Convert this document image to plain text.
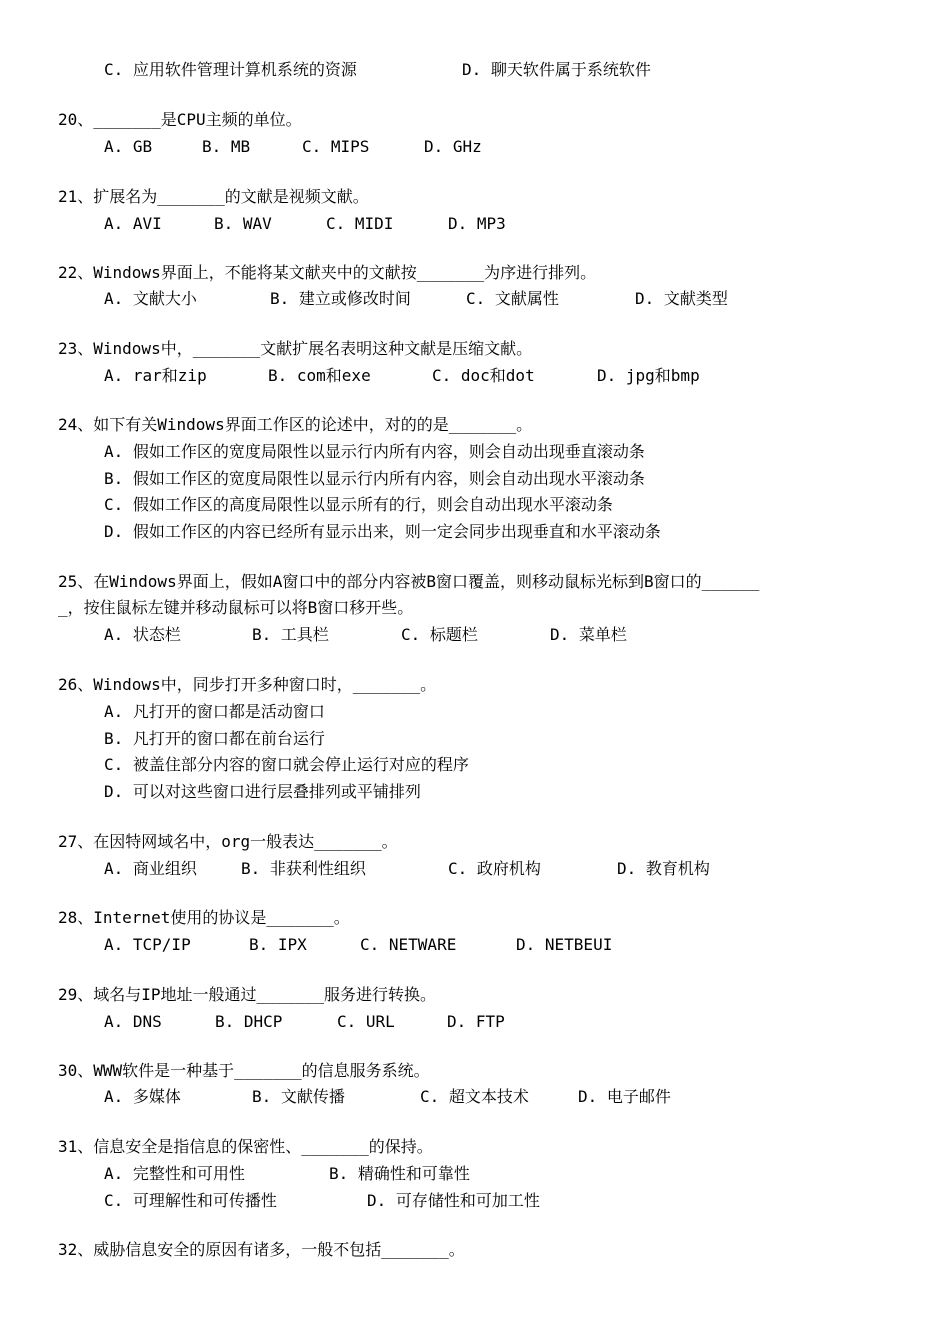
C. 应用软件管理计算机系统的资源	D. 聊天软件属于系统软件
20、_______是CPU主频的单位。
A. GB	B. MB	C. MIPS	D. GHz
21、扩展名为_______的文献是视频文献。
A. AVI	B. WAV	C. MIDI	D. MP3
22、Windows界面上，不能将某文献夹中的文献按_______为序进行排列。
A. 文献大小	B. 建立或修改时间	C. 文献属性	D. 文献类型
23、Windows中，_______文献扩展名表明这种文献是压缩文献。
A. rar和zip	B. com和exe	C. doc和dot	D. jpg和bmp
24、如下有关Windows界面工作区的论述中，对的的是_______。
A. 假如工作区的宽度局限性以显示行内所有内容，则会自动出现垂直滚动条
B. 假如工作区的宽度局限性以显示行内所有内容，则会自动出现水平滚动条
C. 假如工作区的高度局限性以显示所有的行，则会自动出现水平滚动条
D. 假如工作区的内容已经所有显示出来，则一定会同步出现垂直和水平滚动条
25、在Windows界面上，假如A窗口中的部分内容被B窗口覆盖，则移动鼠标光标到B窗口的______
_，按住鼠标左键并移动鼠标可以将B窗口移开些。
A. 状态栏	B. 工具栏	C. 标题栏	D. 菜单栏
26、Windows中，同步打开多种窗口时，_______。
A. 凡打开的窗口都是活动窗口
B. 凡打开的窗口都在前台运行
C. 被盖住部分内容的窗口就会停止运行对应的程序
D. 可以对这些窗口进行层叠排列或平铺排列
27、在因特网域名中，org一般表达_______。
A. 商业组织	B. 非获利性组织	C. 政府机构	D. 教育机构
28、Internet使用的协议是_______。
A. TCP/IP	B. IPX	C. NETWARE	D. NETBEUI
29、域名与IP地址一般通过_______服务进行转换。
A. DNS	B. DHCP	C. URL	D. FTP
30、WWW软件是一种基于_______的信息服务系统。
A. 多媒体	B. 文献传播	C. 超文本技术	D. 电子邮件
31、信息安全是指信息的保密性、_______的保持。
A. 完整性和可用性	B. 精确性和可靠性
C. 可理解性和可传播性	D. 可存储性和可加工性
32、威胁信息安全的原因有诸多，一般不包括_______。
